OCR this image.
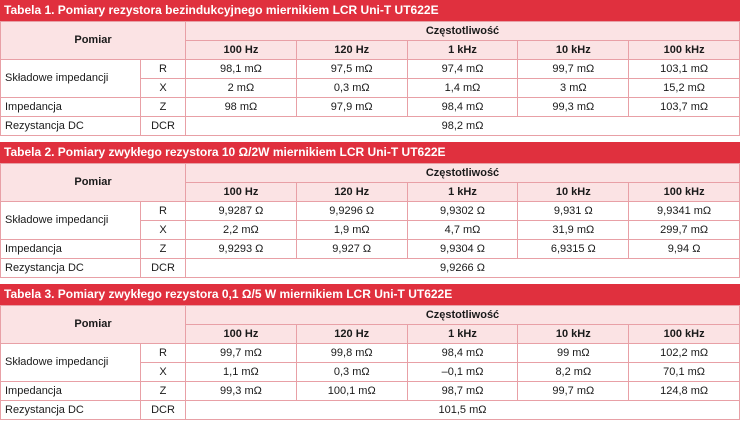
Tabela 1. Pomiary rezystora bezindukcyjnego miernikiem LCR Uni-T UT622E
Pomiar		Częstotliwość				
		100 Hz	120 Hz	1 kHz	10 kHz	100 kHz
Składowe impedancji	R	98,1 mΩ	97,5 mΩ	97,4 mΩ	99,7 mΩ	103,1 mΩ
	X	2 mΩ	0,3 mΩ	1,4 mΩ	3 mΩ	15,2 mΩ
Impedancja	Z	98 mΩ	97,9 mΩ	98,4 mΩ	99,3 mΩ	103,7 mΩ
Rezystancja DC	DCR	98,2 mΩ				
Tabela 2. Pomiary zwykłego rezystora 10 Ω/2W miernikiem LCR Uni-T UT622E
Pomiar		Częstotliwość				
		100 Hz	120 Hz	1 kHz	10 kHz	100 kHz
Składowe impedancji	R	9,9287 Ω	9,9296 Ω	9,9302 Ω	9,931 Ω	9,9341 mΩ
	X	2,2 mΩ	1,9 mΩ	4,7 mΩ	31,9 mΩ	299,7 mΩ
Impedancja	Z	9,9293 Ω	9,927 Ω	9,9304 Ω	6,9315 Ω	9,94 Ω
Rezystancja DC	DCR	9,9266 Ω				
Tabela 3. Pomiary zwykłego rezystora 0,1 Ω/5 W miernikiem LCR Uni-T UT622E
Pomiar		Częstotliwość				
		100 Hz	120 Hz	1 kHz	10 kHz	100 kHz
Składowe impedancji	R	99,7 mΩ	99,8 mΩ	98,4 mΩ	99 mΩ	102,2 mΩ
	X	1,1 mΩ	0,3 mΩ	–0,1 mΩ	8,2 mΩ	70,1 mΩ
Impedancja	Z	99,3 mΩ	100,1 mΩ	98,7 mΩ	99,7 mΩ	124,8 mΩ
Rezystancja DC	DCR	101,5 mΩ				
